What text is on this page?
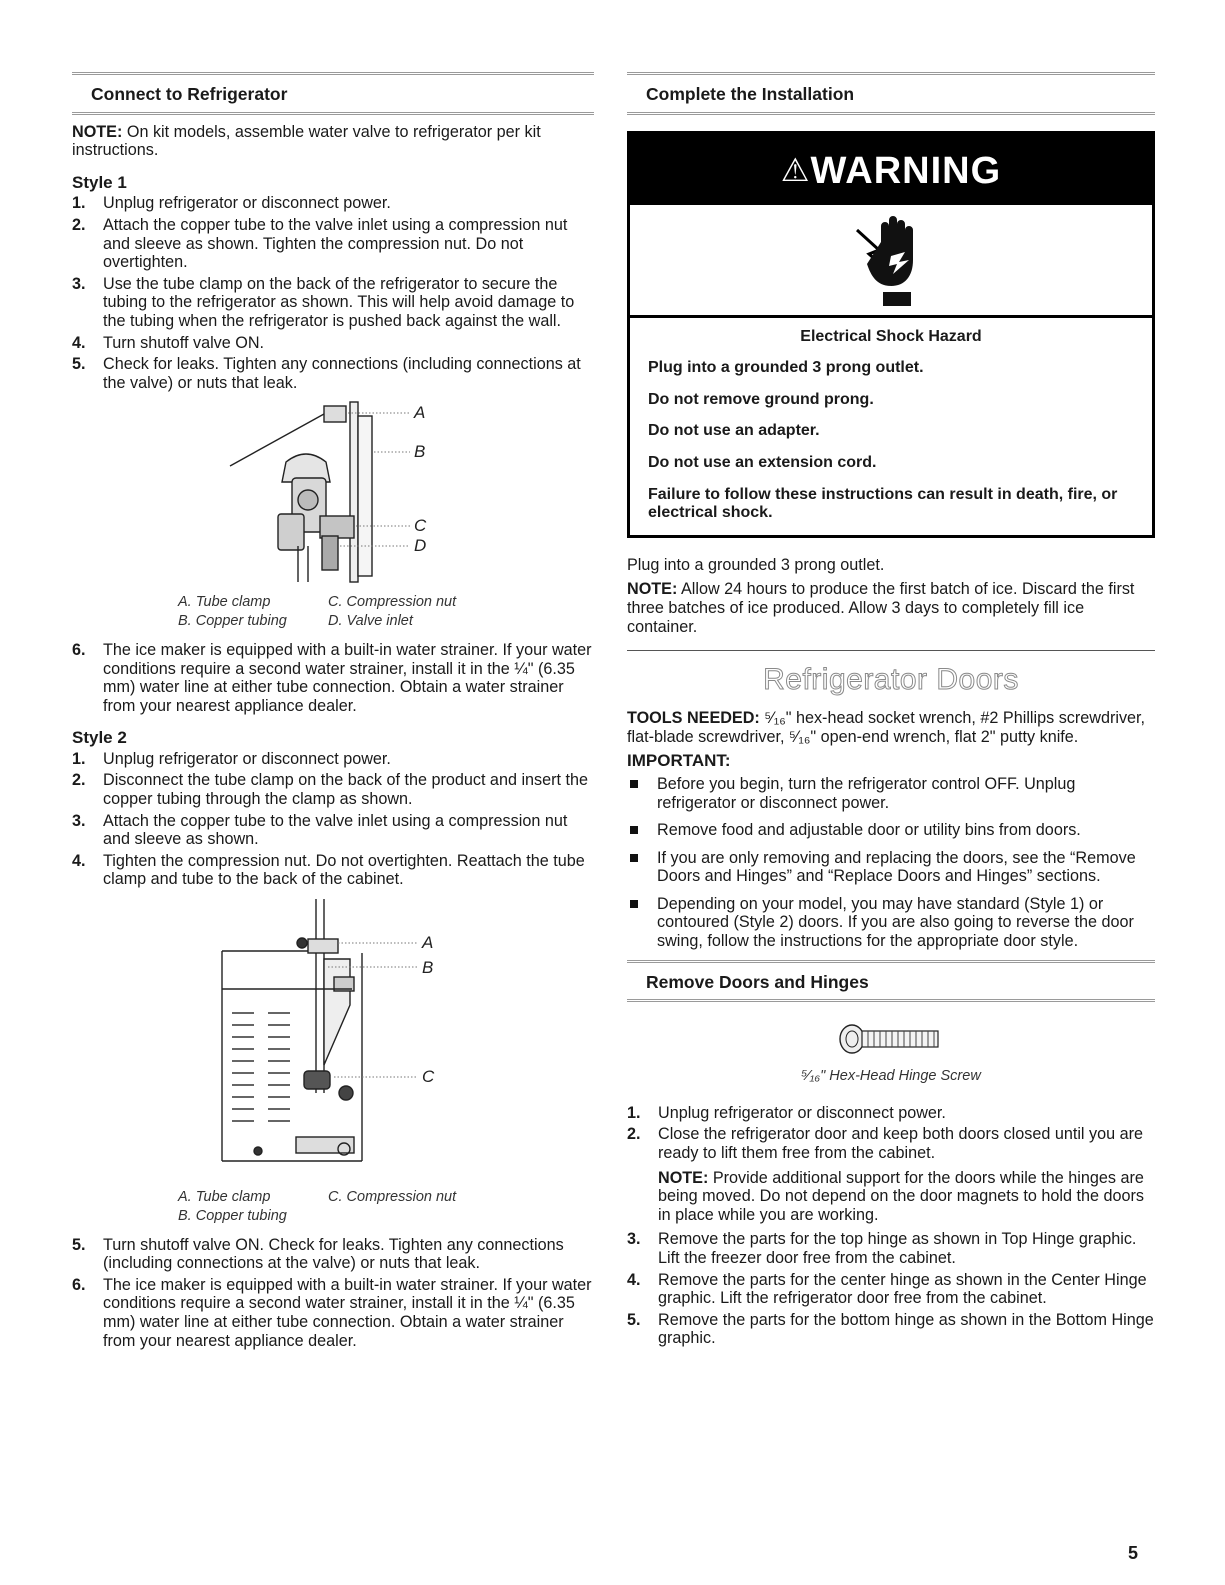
Connect to Refrigerator

NOTE: On kit models, assemble water valve to refrigerator per kit instructions.

Style 1
1. Unplug refrigerator or disconnect power.
2. Attach the copper tube to the valve inlet using a compression nut and sleeve as shown. Tighten the compression nut. Do not overtighten.
3. Use the tube clamp on the back of the refrigerator to secure the tubing to the refrigerator as shown. This will help avoid damage to the tubing when the refrigerator is pushed back against the wall.
4. Turn shutoff valve ON.
5. Check for leaks. Tighten any connections (including connections at the valve) or nuts that leak.
A
B
C
D
A. Tube clamp	C. Compression nut
B. Copper tubing	D. Valve inlet
6. The ice maker is equipped with a built-in water strainer. If your water conditions require a second water strainer, install it in the ¼" (6.35 mm) water line at either tube connection. Obtain a water strainer from your nearest appliance dealer.
Style 2
1. Unplug refrigerator or disconnect power.
2. Disconnect the tube clamp on the back of the product and insert the copper tubing through the clamp as shown.
3. Attach the copper tube to the valve inlet using a compression nut and sleeve as shown.
4. Tighten the compression nut. Do not overtighten. Reattach the tube clamp and tube to the back of the cabinet.
A
B
C
A. Tube clamp	C. Compression nut
B. Copper tubing
5. Turn shutoff valve ON. Check for leaks. Tighten any connections (including connections at the valve) or nuts that leak.
6. The ice maker is equipped with a built-in water strainer. If your water conditions require a second water strainer, install it in the ¼" (6.35 mm) water line at either tube connection. Obtain a water strainer from your nearest appliance dealer.
Complete the Installation
⚠WARNING
Electrical Shock Hazard

Plug into a grounded 3 prong outlet.

Do not remove ground prong.

Do not use an adapter.

Do not use an extension cord.

Failure to follow these instructions can result in death, fire, or electrical shock.

Plug into a grounded 3 prong outlet.

NOTE: Allow 24 hours to produce the first batch of ice. Discard the first three batches of ice produced. Allow 3 days to completely fill ice container.

Refrigerator Doors

TOOLS NEEDED: ⁵⁄₁₆" hex-head socket wrench, #2 Phillips screwdriver, flat-blade screwdriver, ⁵⁄₁₆" open-end wrench, flat 2" putty knife.

IMPORTANT:
Before you begin, turn the refrigerator control OFF. Unplug refrigerator or disconnect power.
Remove food and adjustable door or utility bins from doors.
If you are only removing and replacing the doors, see the “Remove Doors and Hinges” and “Replace Doors and Hinges” sections.
Depending on your model, you may have standard (Style 1) or contoured (Style 2) doors. If you are also going to reverse the door swing, follow the instructions for the appropriate door style.
Remove Doors and Hinges
⁵⁄₁₆" Hex-Head Hinge Screw
1. Unplug refrigerator or disconnect power.
2. Close the refrigerator door and keep both doors closed until you are ready to lift them free from the cabinet.

NOTE: Provide additional support for the doors while the hinges are being moved. Do not depend on the door magnets to hold the doors in place while you are working.

3. Remove the parts for the top hinge as shown in Top Hinge graphic. Lift the freezer door free from the cabinet.
4. Remove the parts for the center hinge as shown in the Center Hinge graphic. Lift the refrigerator door free from the cabinet.
5. Remove the parts for the bottom hinge as shown in the Bottom Hinge graphic.
5
